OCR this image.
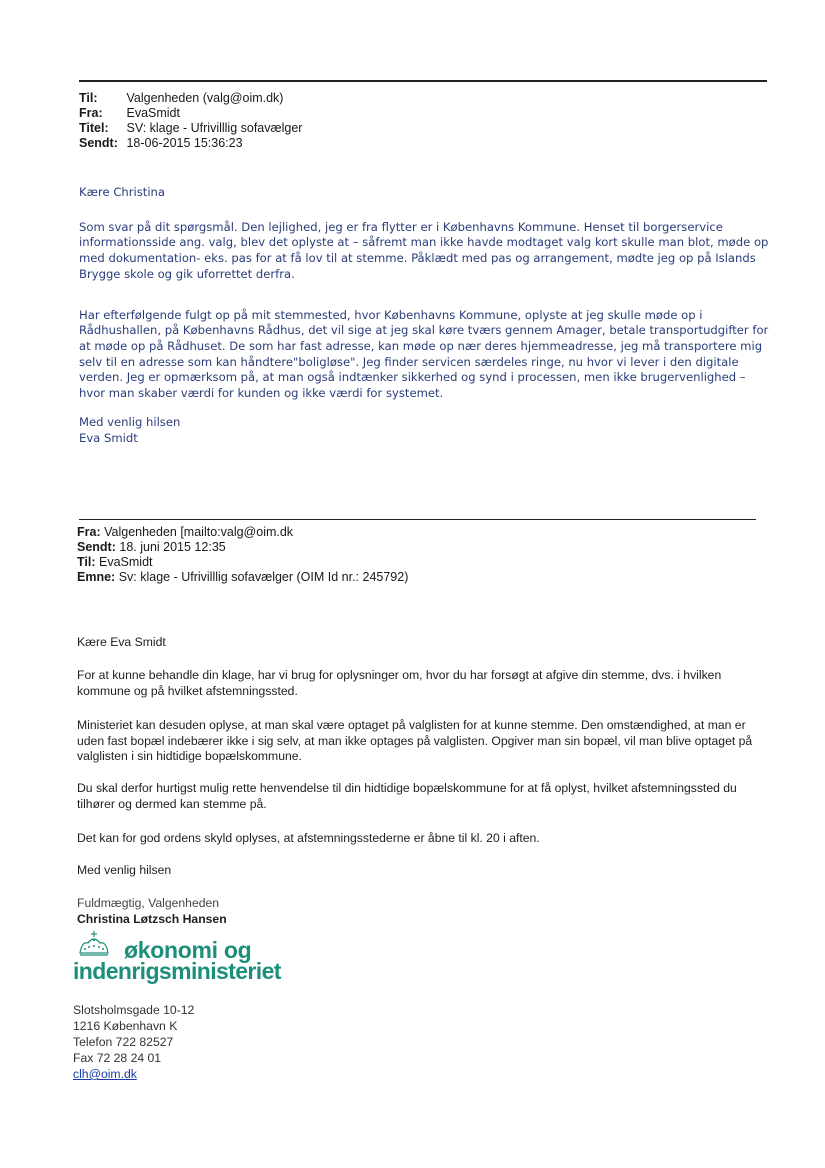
Til: Valgenheden (valg@oim.dk)
Fra: EvaSmidt
Titel: SV: klage - Ufrivilllig sofavælger
Sendt: 18-06-2015 15:36:23

Kære Christina

Som svar på dit spørgsmål. Den lejlighed, jeg er fra flytter er i Københavns Kommune. Henset til borgerservice informationsside ang. valg, blev det oplyste at – såfremt man ikke havde modtaget valg kort skulle man blot, møde op med dokumentation- eks. pas for at få lov til at stemme. Påklædt med pas og arrangement, mødte jeg op på Islands Brygge skole og gik uforrettet derfra.

Har efterfølgende fulgt op på mit stemmested, hvor Københavns Kommune, oplyste at jeg skulle møde op i Rådhushallen, på Københavns Rådhus, det vil sige at jeg skal køre tværs gennem Amager, betale transportudgifter for at møde op på Rådhuset. De som har fast adresse, kan møde op nær deres hjemmeadresse, jeg må transportere mig selv til en adresse som kan håndtere"boligløse". Jeg finder servicen særdeles ringe, nu hvor vi lever i den digitale verden. Jeg er opmærksom på, at man også indtænker sikkerhed og synd i processen, men ikke brugervenlighed – hvor man skaber værdi for kunden og ikke værdi for systemet.

Med venlig hilsen
Eva Smidt
Fra: Valgenheden [mailto:valg@oim.dk
Sendt: 18. juni 2015 12:35
Til: EvaSmidt
Emne: Sv: klage - Ufrivilllig sofavælger (OIM Id nr.: 245792)

Kære Eva Smidt

For at kunne behandle din klage, har vi brug for oplysninger om, hvor du har forsøgt at afgive din stemme, dvs. i hvilken kommune og på hvilket afstemningssted.

Ministeriet kan desuden oplyse, at man skal være optaget på valglisten for at kunne stemme. Den omstændighed, at man er uden fast bopæl indebærer ikke i sig selv, at man ikke optages på valglisten. Opgiver man sin bopæl, vil man blive optaget på valglisten i sin hidtidige bopælskommune.

Du skal derfor hurtigst mulig rette henvendelse til din hidtidige bopælskommune for at få oplyst, hvilket afstemningssted du tilhører og dermed kan stemme på.

Det kan for god ordens skyld oplyses, at afstemningsstederne er åbne til kl. 20 i aften.

Med venlig hilsen

Fuldmægtig, Valgenheden

Christina Løtzsch Hansen

økonomi og
indenrigsministeriet
Slotsholmsgade 10-12
1216 København K
Telefon 722 82527
Fax 72 28 24 01
clh@oim.dk
